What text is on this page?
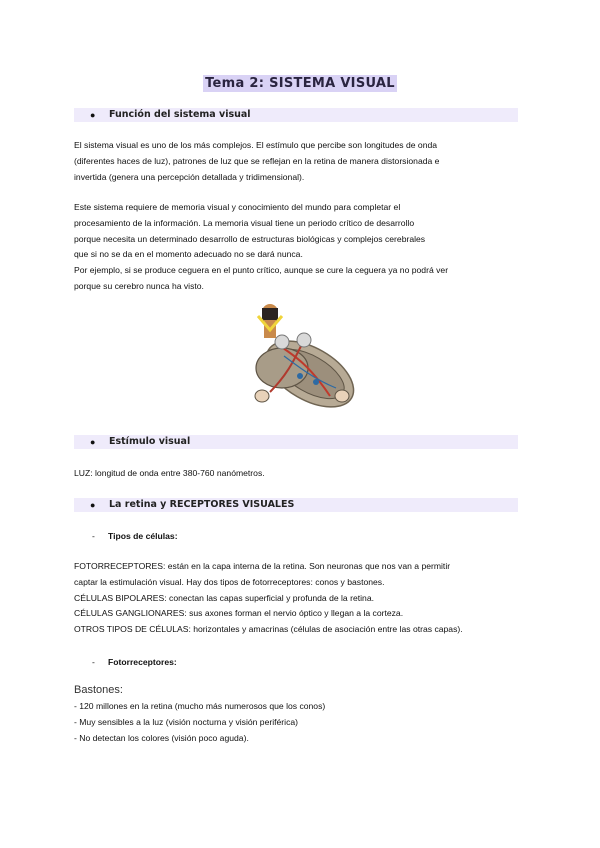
Tema 2: SISTEMA VISUAL
● Función del sistema visual
El sistema visual es uno de los más complejos. El estímulo que percibe son longitudes de onda
(diferentes haces de luz), patrones de luz que se reflejan en la retina de manera distorsionada e
invertida (genera una percepción detallada y tridimensional).
Este sistema requiere de memoria visual y conocimiento del mundo para completar el
procesamiento de la información. La memoria visual tiene un periodo crítico de desarrollo
porque necesita un determinado desarrollo de estructuras biológicas y complejos cerebrales
que si no se da en el momento adecuado no se dará nunca.
Por ejemplo, si se produce ceguera en el punto crítico, aunque se cure la ceguera ya no podrá ver
porque su cerebro nunca ha visto.
● Estímulo visual
LUZ: longitud de onda entre 380-760 nanómetros.
● La retina y RECEPTORES VISUALES
- Tipos de células:
FOTORRECEPTORES: están en la capa interna de la retina. Son neuronas que nos van a permitir
captar la estimulación visual. Hay dos tipos de fotorreceptores: conos y bastones.
CÉLULAS BIPOLARES: conectan las capas superficial y profunda de la retina.
CÉLULAS GANGLIONARES: sus axones forman el nervio óptico y llegan a la corteza.
OTROS TIPOS DE CÉLULAS: horizontales y amacrinas (células de asociación entre las otras capas).
- Fotorreceptores:
Bastones:
- 120 millones en la retina (mucho más numerosos que los conos)
- Muy sensibles a la luz (visión nocturna y visión periférica)
- No detectan los colores (visión poco aguda).
